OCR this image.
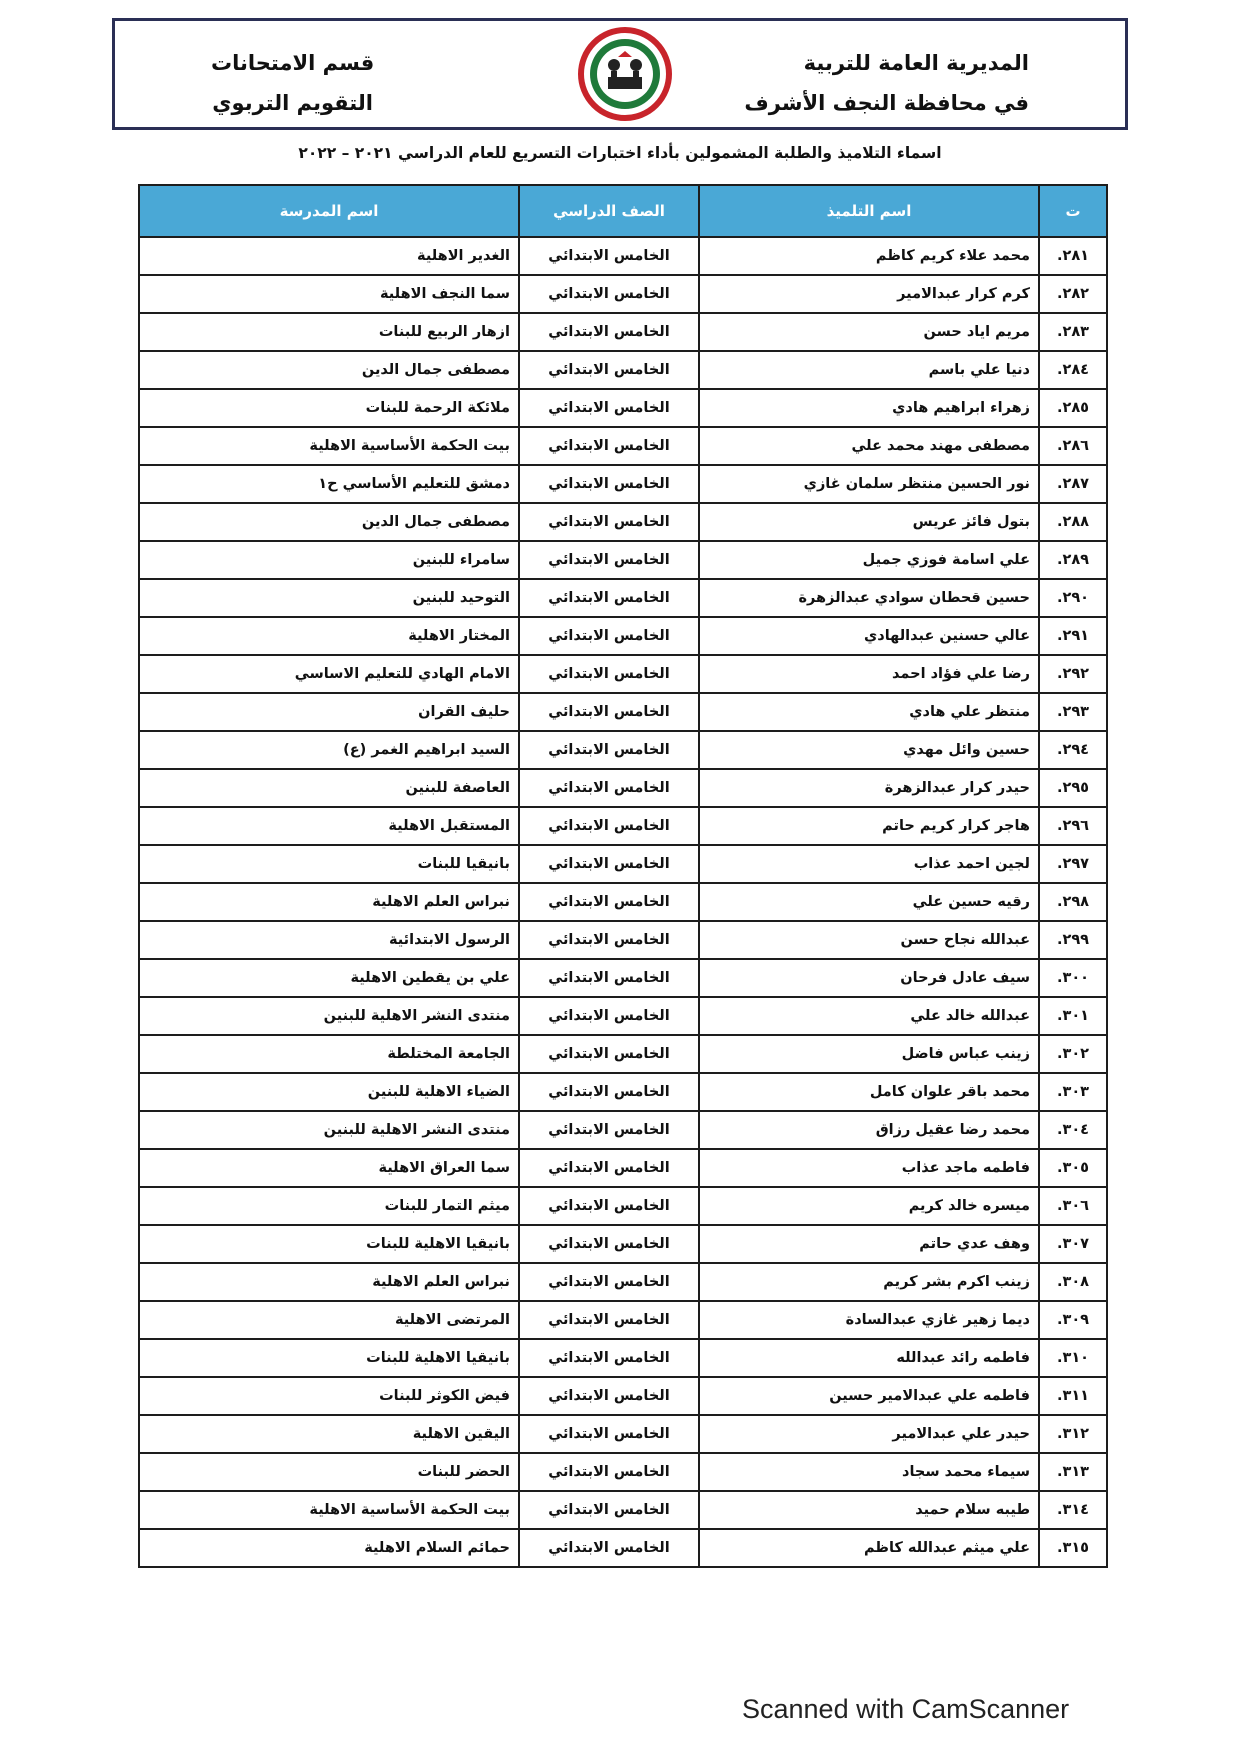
المديرية العامة للتربية
في محافظة النجف الأشرف
قسم الامتحانات
التقويم التربوي
اسماء التلاميذ والطلبة المشمولين بأداء اختبارات التسريع للعام الدراسي ٢٠٢١ – ٢٠٢٢
ت	اسم التلميذ	الصف الدراسي	اسم المدرسة
٢٨١.	محمد علاء كريم كاظم	الخامس الابتدائي	الغدير الاهلية
٢٨٢.	كرم كرار عبدالامير	الخامس الابتدائي	سما النجف الاهلية
٢٨٣.	مريم اياد حسن	الخامس الابتدائي	ازهار الربيع للبنات
٢٨٤.	دنيا علي باسم	الخامس الابتدائي	مصطفى جمال الدين
٢٨٥.	زهراء ابراهيم هادي	الخامس الابتدائي	ملائكة الرحمة للبنات
٢٨٦.	مصطفى مهند محمد علي	الخامس الابتدائي	بيت الحكمة الأساسية الاهلية
٢٨٧.	نور الحسين منتظر سلمان غازي	الخامس الابتدائي	دمشق للتعليم الأساسي ح١
٢٨٨.	بتول فائز عريس	الخامس الابتدائي	مصطفى جمال الدين
٢٨٩.	علي اسامة فوزي جميل	الخامس الابتدائي	سامراء للبنين
٢٩٠.	حسين قحطان سوادي عبدالزهرة	الخامس الابتدائي	التوحيد للبنين
٢٩١.	عالي حسنين عبدالهادي	الخامس الابتدائي	المختار الاهلية
٢٩٢.	رضا علي فؤاد احمد	الخامس الابتدائي	الامام الهادي للتعليم الاساسي
٢٩٣.	منتظر علي هادي	الخامس الابتدائي	حليف القران
٢٩٤.	حسين وائل مهدي	الخامس الابتدائي	السيد ابراهيم الغمر (ع)
٢٩٥.	حيدر كرار عبدالزهرة	الخامس الابتدائي	العاصفة للبنين
٢٩٦.	هاجر كرار كريم حاتم	الخامس الابتدائي	المستقبل الاهلية
٢٩٧.	لجين احمد عذاب	الخامس الابتدائي	بانيقيا للبنات
٢٩٨.	رقيه حسين علي	الخامس الابتدائي	نبراس العلم الاهلية
٢٩٩.	عبدالله نجاح حسن	الخامس الابتدائي	الرسول الابتدائية
٣٠٠.	سيف عادل فرحان	الخامس الابتدائي	علي بن يقطين الاهلية
٣٠١.	عبدالله خالد علي	الخامس الابتدائي	منتدى النشر الاهلية للبنين
٣٠٢.	زينب عباس فاضل	الخامس الابتدائي	الجامعة المختلطة
٣٠٣.	محمد باقر علوان كامل	الخامس الابتدائي	الضياء الاهلية للبنين
٣٠٤.	محمد رضا عقيل رزاق	الخامس الابتدائي	منتدى النشر الاهلية للبنين
٣٠٥.	فاطمه ماجد عذاب	الخامس الابتدائي	سما العراق الاهلية
٣٠٦.	ميسره خالد كريم	الخامس الابتدائي	ميثم التمار للبنات
٣٠٧.	وهف عدي حاتم	الخامس الابتدائي	بانيقيا الاهلية للبنات
٣٠٨.	زينب اكرم بشر كريم	الخامس الابتدائي	نبراس العلم الاهلية
٣٠٩.	ديما زهير غازي عبدالسادة	الخامس الابتدائي	المرتضى الاهلية
٣١٠.	فاطمه رائد عبدالله	الخامس الابتدائي	بانيقيا الاهلية للبنات
٣١١.	فاطمه علي عبدالامير حسين	الخامس الابتدائي	فيض الكوثر للبنات
٣١٢.	حيدر علي عبدالامير	الخامس الابتدائي	اليقين الاهلية
٣١٣.	سيماء محمد سجاد	الخامس الابتدائي	الحضر للبنات
٣١٤.	طيبه سلام حميد	الخامس الابتدائي	بيت الحكمة الأساسية الاهلية
٣١٥.	علي ميثم عبدالله كاظم	الخامس الابتدائي	حمائم السلام الاهلية
Scanned with CamScanner
